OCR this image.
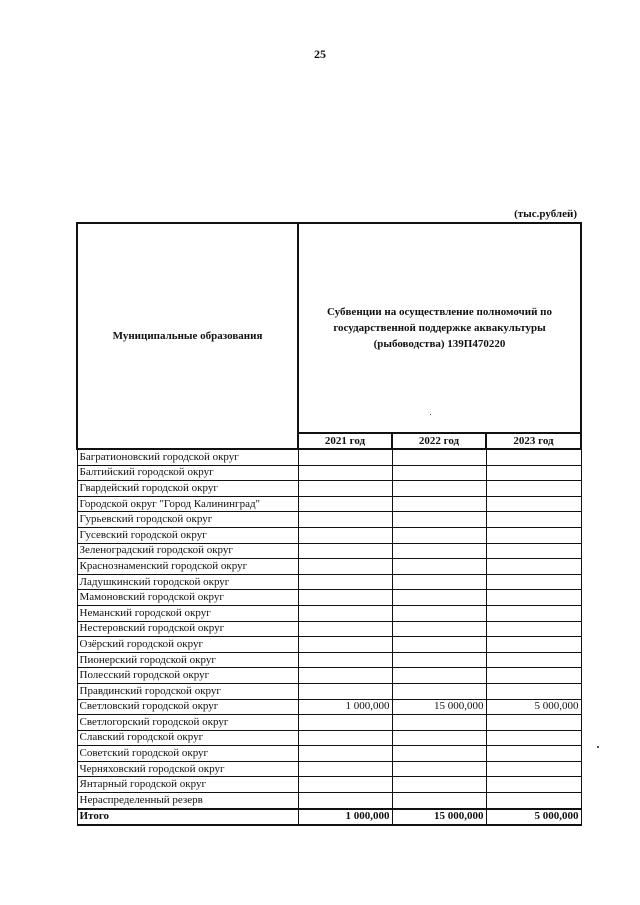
25
(тыс.рублей)
Муниципальные образования	Субвенции на осуществление полномочий по государственной поддержке аквакультуры (рыбоводства) 139П470220		
	2021 год	2022 год	2023 год
Багратионовский городской округ			
Балтийский городской округ			
Гвардейский городской округ			
Городской округ "Город Калининград"			
Гурьевский городской округ			
Гусевский городской округ			
Зеленоградский городской округ			
Краснознаменский городской округ			
Ладушкинский городской округ			
Мамоновский городской округ			
Неманский городской округ			
Нестеровский городской округ			
Озёрский городской округ			
Пионерский городской округ			
Полесский городской округ			
Правдинский городской округ			
Светловский городской округ	1 000,000	15 000,000	5 000,000
Светлогорский городской округ			
Славский городской округ			
Советский городской округ			
Черняховский городской округ			
Янтарный городской округ			
Нераспределенный резерв			
Итого	1 000,000	15 000,000	5 000,000
